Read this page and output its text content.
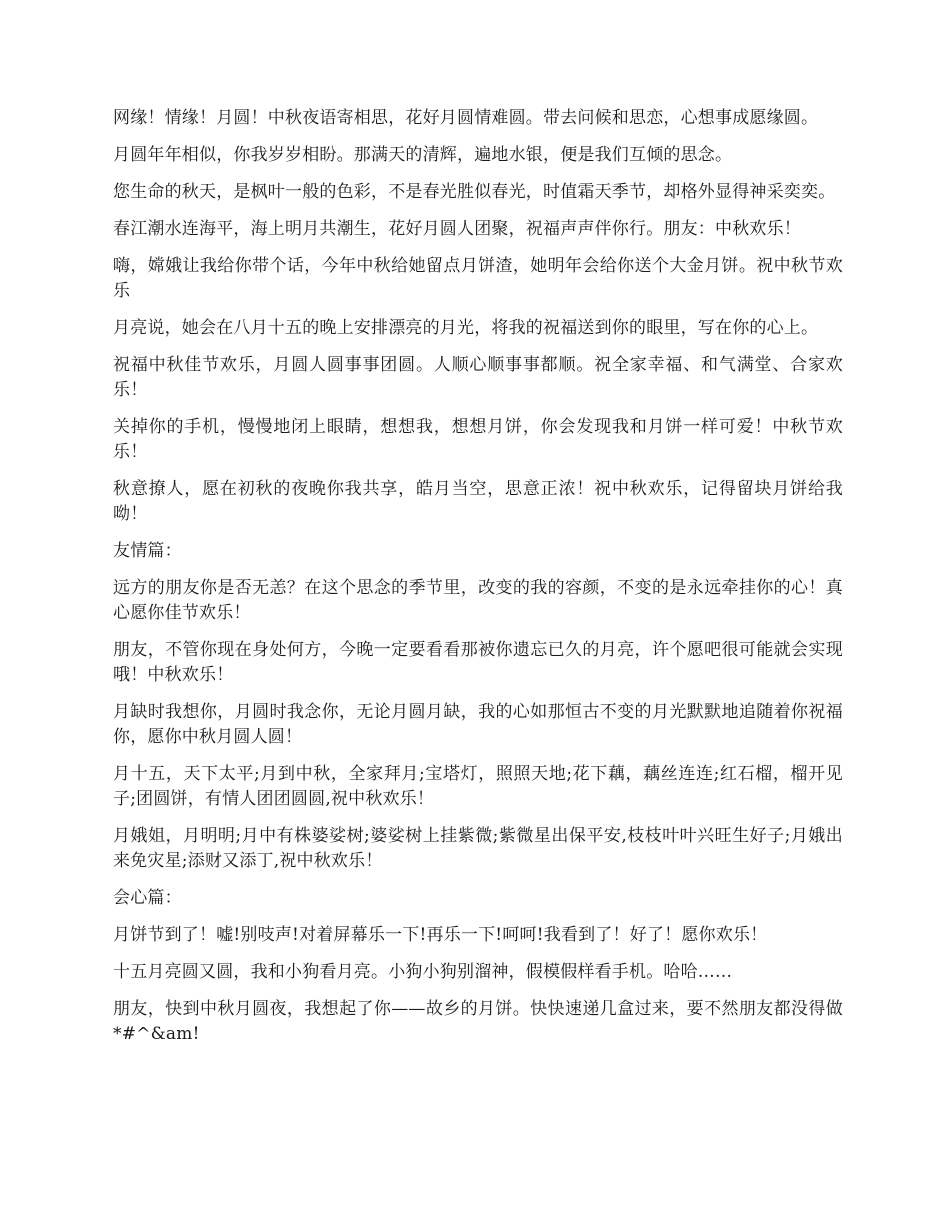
网缘！情缘！月圆！中秋夜语寄相思，花好月圆情难圆。带去问候和思恋，心想事成愿缘圆。

月圆年年相似，你我岁岁相盼。那满天的清辉，遍地水银，便是我们互倾的思念。

您生命的秋天，是枫叶一般的色彩，不是春光胜似春光，时值霜天季节，却格外显得神采奕奕。

春江潮水连海平，海上明月共潮生，花好月圆人团聚，祝福声声伴你行。朋友：中秋欢乐！

嗨，嫦娥让我给你带个话，今年中秋给她留点月饼渣，她明年会给你送个大金月饼。祝中秋节欢乐

月亮说，她会在八月十五的晚上安排漂亮的月光，将我的祝福送到你的眼里，写在你的心上。

祝福中秋佳节欢乐，月圆人圆事事团圆。人顺心顺事事都顺。祝全家幸福、和气满堂、合家欢乐！

关掉你的手机，慢慢地闭上眼睛，想想我，想想月饼，你会发现我和月饼一样可爱！中秋节欢乐！

秋意撩人，愿在初秋的夜晚你我共享，皓月当空，思意正浓！祝中秋欢乐，记得留块月饼给我呦！

友情篇：

远方的朋友你是否无恙？在这个思念的季节里，改变的我的容颜，不变的是永远牵挂你的心！真心愿你佳节欢乐！

朋友，不管你现在身处何方，今晚一定要看看那被你遗忘已久的月亮，许个愿吧很可能就会实现哦！中秋欢乐！

月缺时我想你，月圆时我念你，无论月圆月缺，我的心如那恒古不变的月光默默地追随着你祝福你，愿你中秋月圆人圆！

月十五，天下太平;月到中秋，全家拜月;宝塔灯，照照天地;花下藕，藕丝连连;红石榴，榴开见子;团圆饼，有情人团团圆圆,祝中秋欢乐！

月娥姐，月明明;月中有株婆娑树;婆娑树上挂紫微;紫微星出保平安,枝枝叶叶兴旺生好子;月娥出来免灾星;添财又添丁,祝中秋欢乐！

会心篇：

月饼节到了！嘘!别吱声!对着屏幕乐一下!再乐一下!呵呵!我看到了！好了！愿你欢乐！

十五月亮圆又圆，我和小狗看月亮。小狗小狗别溜神，假模假样看手机。哈哈……

朋友，快到中秋月圆夜，我想起了你——故乡的月饼。快快速递几盒过来，要不然朋友都没得做*#^&am!
